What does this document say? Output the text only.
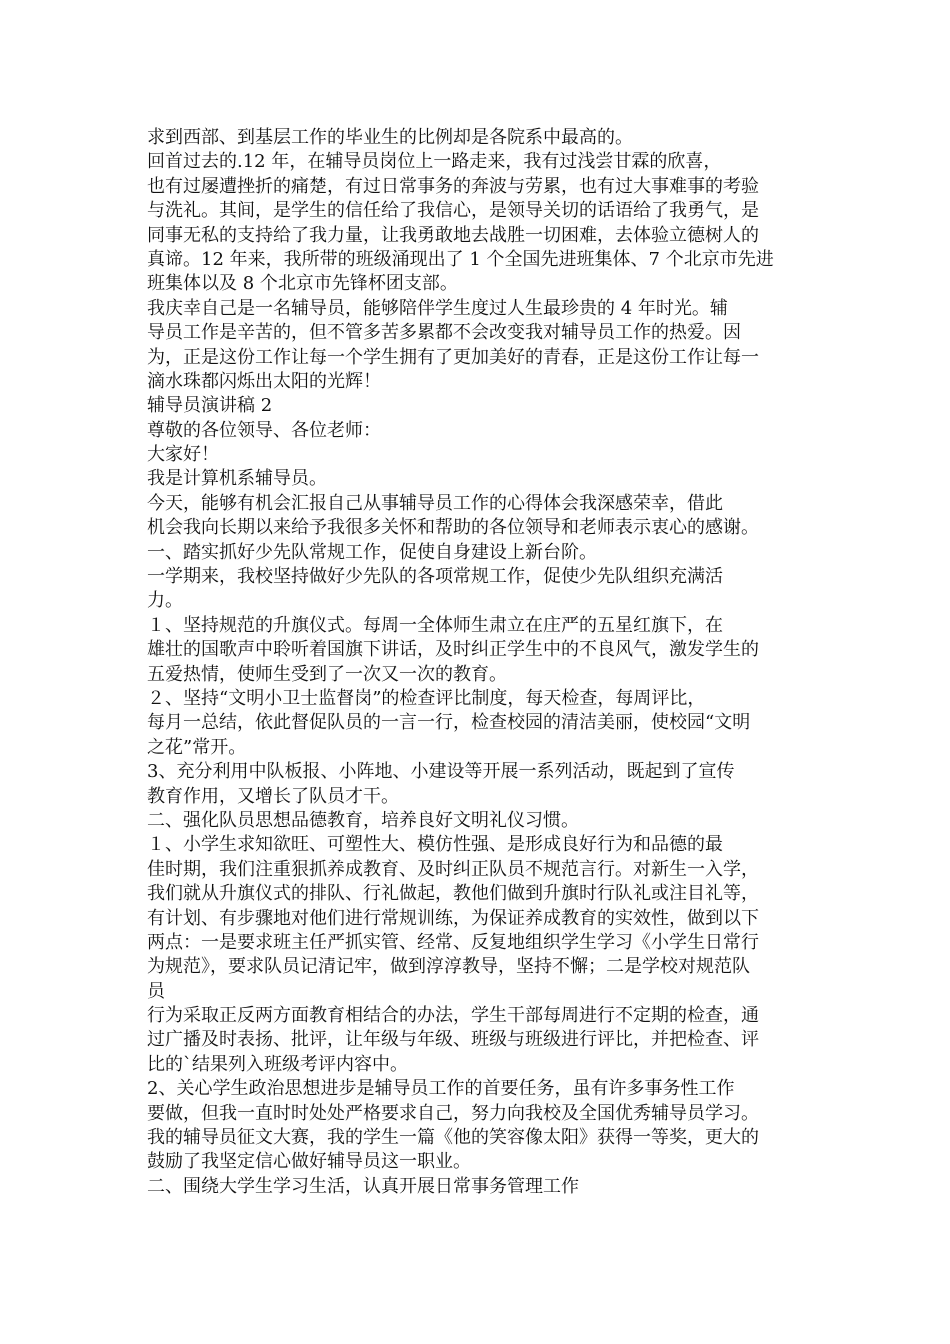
求到西部、到基层工作的毕业生的比例却是各院系中最高的。
回首过去的.12 年，在辅导员岗位上一路走来，我有过浅尝甘霖的欣喜，
也有过屡遭挫折的痛楚，有过日常事务的奔波与劳累，也有过大事难事的考验
与洗礼。其间，是学生的信任给了我信心，是领导关切的话语给了我勇气，是
同事无私的支持给了我力量，让我勇敢地去战胜一切困难，去体验立德树人的
真谛。12 年来，我所带的班级涌现出了 1 个全国先进班集体、7 个北京市先进
班集体以及 8 个北京市先锋杯团支部。
我庆幸自己是一名辅导员，能够陪伴学生度过人生最珍贵的 4 年时光。辅
导员工作是辛苦的，但不管多苦多累都不会改变我对辅导员工作的热爱。因
为，正是这份工作让每一个学生拥有了更加美好的青春，正是这份工作让每一
滴水珠都闪烁出太阳的光辉！
辅导员演讲稿 2
尊敬的各位领导、各位老师：
大家好！
我是计算机系辅导员。
今天，能够有机会汇报自己从事辅导员工作的心得体会我深感荣幸，借此
机会我向长期以来给予我很多关怀和帮助的各位领导和老师表示衷心的感谢。
一、踏实抓好少先队常规工作，促使自身建设上新台阶。
一学期来，我校坚持做好少先队的各项常规工作，促使少先队组织充满活
力。
１、坚持规范的升旗仪式。每周一全体师生肃立在庄严的五星红旗下，在
雄壮的国歌声中聆听着国旗下讲话，及时纠正学生中的不良风气，激发学生的
五爱热情，使师生受到了一次又一次的教育。
２、坚持“文明小卫士监督岗”的检查评比制度，每天检查，每周评比，
每月一总结，依此督促队员的一言一行，检查校园的清洁美丽，使校园“文明
之花”常开。
3、充分利用中队板报、小阵地、小建设等开展一系列活动，既起到了宣传
教育作用，又增长了队员才干。
二、强化队员思想品德教育，培养良好文明礼仪习惯。
１、小学生求知欲旺、可塑性大、模仿性强、是形成良好行为和品德的最
佳时期，我们注重狠抓养成教育、及时纠正队员不规范言行。对新生一入学，
我们就从升旗仪式的排队、行礼做起，教他们做到升旗时行队礼或注目礼等，
有计划、有步骤地对他们进行常规训练，为保证养成教育的实效性，做到以下
两点：一是要求班主任严抓实管、经常、反复地组织学生学习《小学生日常行
为规范》，要求队员记清记牢，做到淳淳教导，坚持不懈；二是学校对规范队
员
行为采取正反两方面教育相结合的办法，学生干部每周进行不定期的检查，通
过广播及时表扬、批评，让年级与年级、班级与班级进行评比，并把检查、评
比的`结果列入班级考评内容中。
2、关心学生政治思想进步是辅导员工作的首要任务，虽有许多事务性工作
要做，但我一直时时处处严格要求自己，努力向我校及全国优秀辅导员学习。
我的辅导员征文大赛，我的学生一篇《他的笑容像太阳》获得一等奖，更大的
鼓励了我坚定信心做好辅导员这一职业。
二、围绕大学生学习生活，认真开展日常事务管理工作
